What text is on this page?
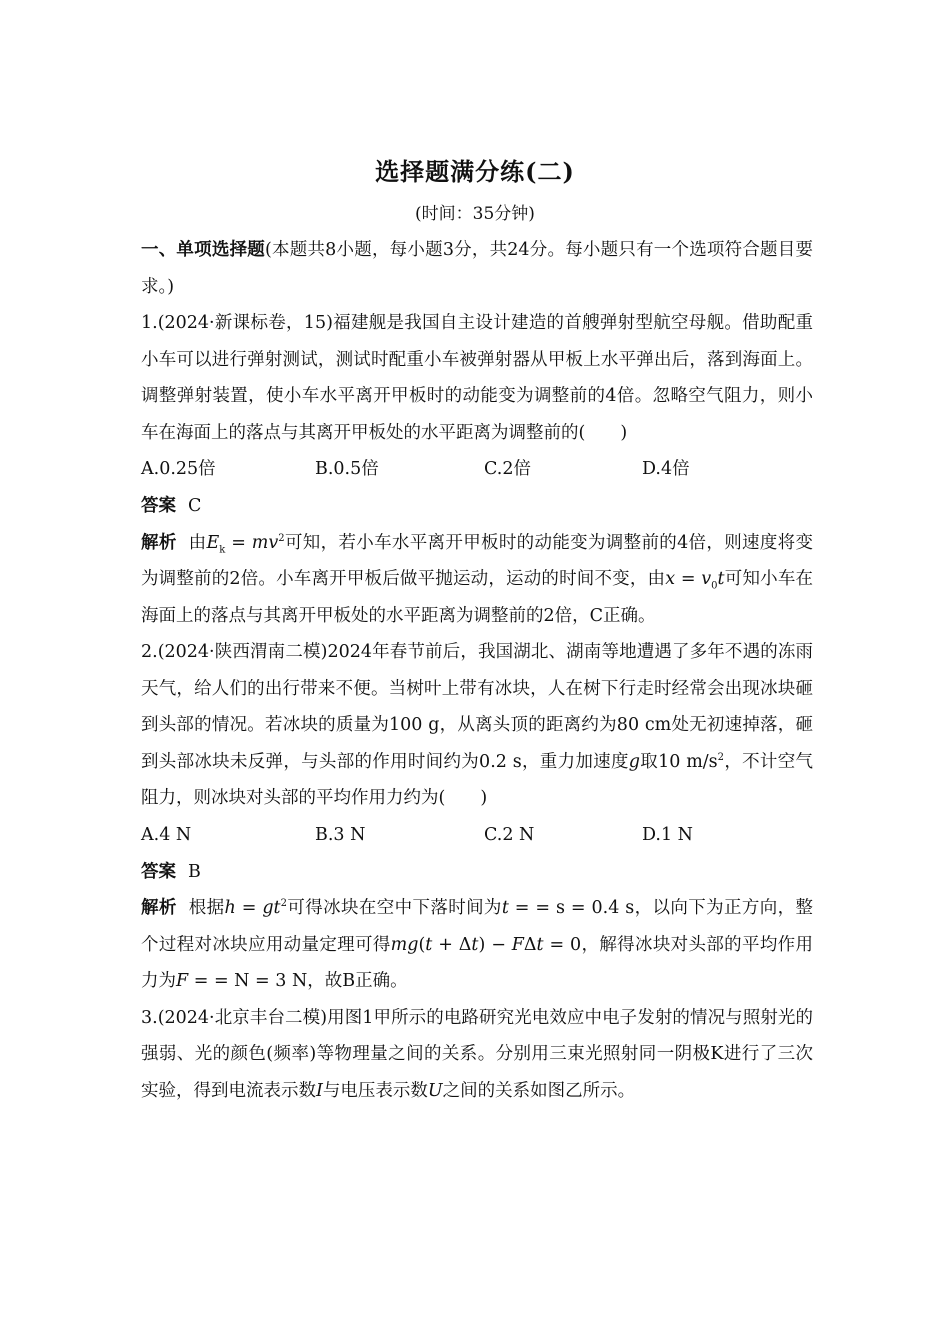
选择题满分练(二)
(时间：35分钟)

一、单项选择题(本题共8小题，每小题3分，共24分。每小题只有一个选项符合题目要求。)

1.(2024·新课标卷，15)福建舰是我国自主设计建造的首艘弹射型航空母舰。借助配重小车可以进行弹射测试，测试时配重小车被弹射器从甲板上水平弹出后，落到海面上。调整弹射装置，使小车水平离开甲板时的动能变为调整前的4倍。忽略空气阻力，则小车在海面上的落点与其离开甲板处的水平距离为调整前的(　　)

A.0.25倍	B.0.5倍	C.2倍	D.4倍

答案 C

解析 由$E_k = mv^2$可知，若小车水平离开甲板时的动能变为调整前的4倍，则速度将变为调整前的2倍。小车离开甲板后做平抛运动，运动的时间不变，由$x = v_0t$可知小车在海面上的落点与其离开甲板处的水平距离为调整前的2倍，C正确。

2.(2024·陕西渭南二模)2024年春节前后，我国湖北、湖南等地遭遇了多年不遇的冻雨天气，给人们的出行带来不便。当树叶上带有冰块，人在树下行走时经常会出现冰块砸到头部的情况。若冰块的质量为100 g，从离头顶的距离约为80 cm处无初速掉落，砸到头部冰块未反弹，与头部的作用时间约为0.2 s，重力加速度g取10 $m/s^2$，不计空气阻力，则冰块对头部的平均作用力约为(　　)

A.4 N	B.3 N	C.2 N	D.1 N

答案 B

解析 根据$h = gt^2$可得冰块在空中下落时间为t = = s = 0.4 s，以向下为正方向，整个过程对冰块应用动量定理可得mg(t + Δt) − FΔt = 0，解得冰块对头部的平均作用力为F = = N = 3 N，故B正确。

3.(2024·北京丰台二模)用图1甲所示的电路研究光电效应中电子发射的情况与照射光的强弱、光的颜色(频率)等物理量之间的关系。分别用三束光照射同一阴极K进行了三次实验，得到电流表示数I与电压表示数U之间的关系如图乙所示。
